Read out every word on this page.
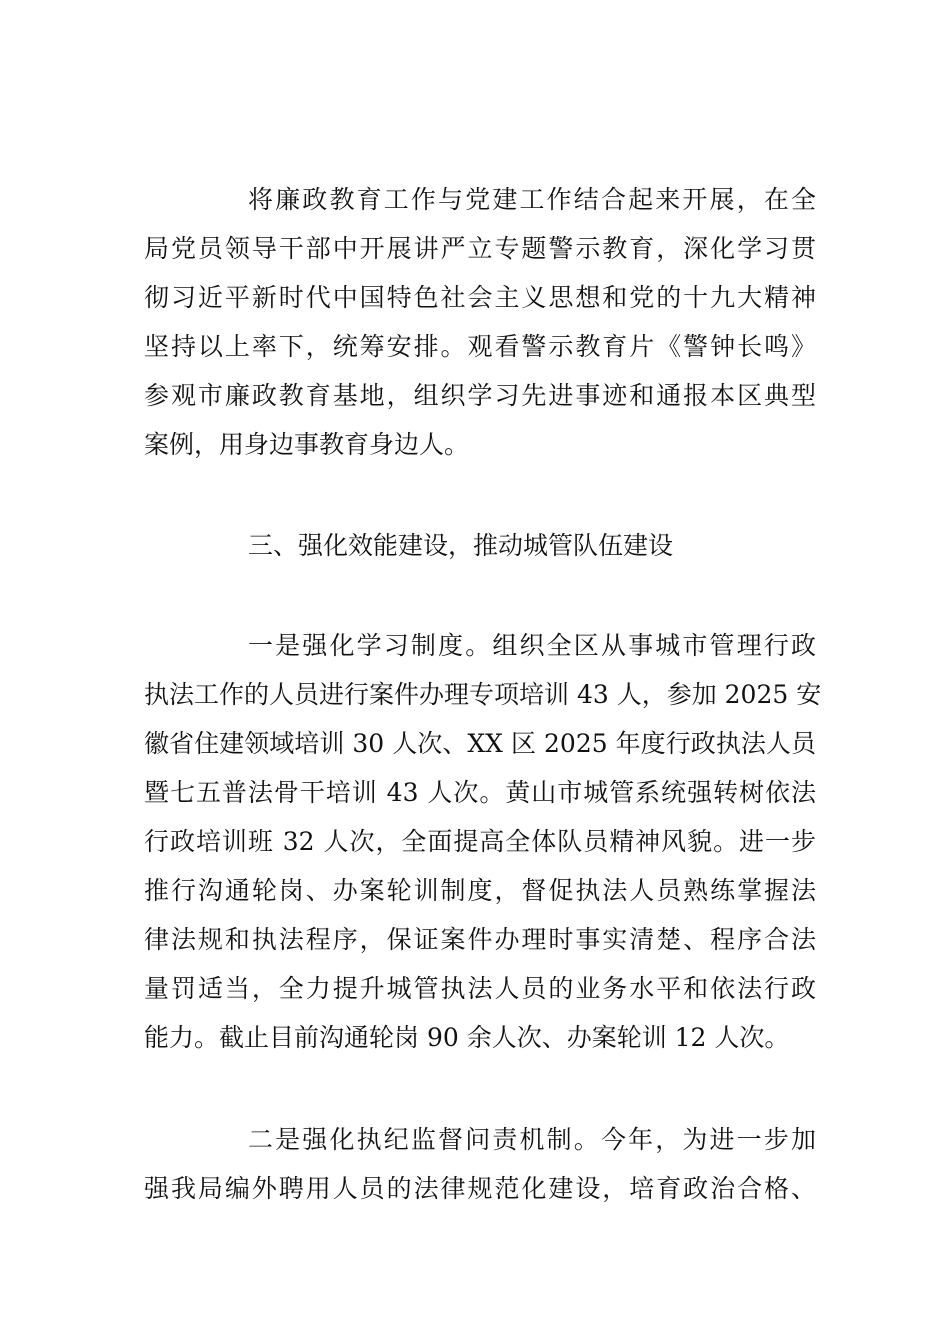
将廉政教育工作与党建工作结合起来开展，在全
局党员领导干部中开展讲严立专题警示教育，深化学习贯
彻习近平新时代中国特色社会主义思想和党的十九大精神
坚持以上率下，统筹安排。观看警示教育片《警钟长鸣》
参观市廉政教育基地，组织学习先进事迹和通报本区典型
案例，用身边事教育身边人。
三、强化效能建设，推动城管队伍建设
一是强化学习制度。组织全区从事城市管理行政
执法工作的人员进行案件办理专项培训 43 人，参加 2025 安
徽省住建领域培训 30 人次、XX 区 2025 年度行政执法人员
暨七五普法骨干培训 43 人次。黄山市城管系统强转树依法
行政培训班 32 人次，全面提高全体队员精神风貌。进一步
推行沟通轮岗、办案轮训制度，督促执法人员熟练掌握法
律法规和执法程序，保证案件办理时事实清楚、程序合法
量罚适当，全力提升城管执法人员的业务水平和依法行政
能力。截止目前沟通轮岗 90 余人次、办案轮训 12 人次。
二是强化执纪监督问责机制。今年，为进一步加
强我局编外聘用人员的法律规范化建设，培育政治合格、
